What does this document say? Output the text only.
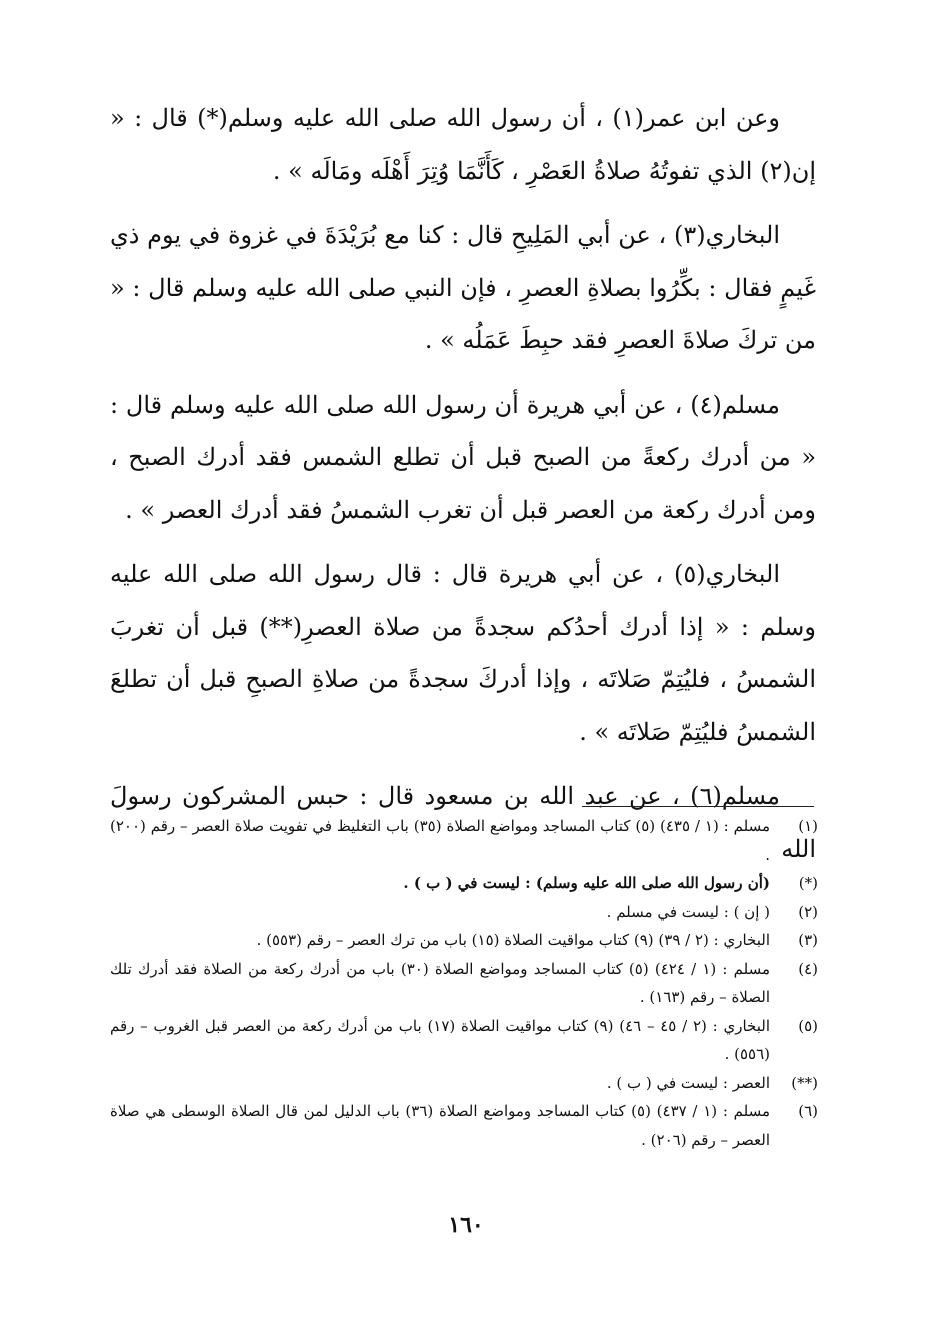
وعن ابن عمر(١) ، أن رسول الله صلى الله عليه وسلم(*) قال : « إن(٢) الذي تفوتُهُ صلاةُ العَصْرِ ، كَأَنَّمَا وُتِرَ أَهْلَه ومَالَه » .

البخاري(٣) ، عن أبي المَلِيحِ قال : كنا مع بُرَيْدَةَ في غزوة في يوم ذي غَيمٍ فقال : بكِّرُوا بصلاةِ العصرِ ، فإن النبي صلى الله عليه وسلم قال : « من تركَ صلاةَ العصرِ فقد حبِطَ عَمَلُه » .

مسلم(٤) ، عن أبي هريرة أن رسول الله صلى الله عليه وسلم قال : « من أدرك ركعةً من الصبح قبل أن تطلع الشمس فقد أدرك الصبح ، ومن أدرك ركعة من العصر قبل أن تغرب الشمسُ فقد أدرك العصر » .

البخاري(٥) ، عن أبي هريرة قال : قال رسول الله صلى الله عليه وسلم : « إذا أدرك أحدُكم سجدةً من صلاة العصرِ(**) قبل أن تغربَ الشمسُ ، فليُتِمّ صَلاتَه ، وإذا أدركَ سجدةً من صلاةِ الصبحِ قبل أن تطلعَ الشمسُ فليُتِمّ صَلاتَه » .

مسلم(٦) ، عن عبد الله بن مسعود قال : حبس المشركون رسولَ الله

(١)
مسلم : (١ / ٤٣٥) (٥) كتاب المساجد ومواضع الصلاة (٣٥) باب التغليظ في تفويت صلاة العصر – رقم (٢٠٠) .
(*)
(أن رسول الله صلى الله عليه وسلم) : ليست في ( ب ) .
(٢)
( إن ) : ليست في مسلم .
(٣)
البخاري : (٢ / ٣٩) (٩) كتاب مواقيت الصلاة (١٥) باب من ترك العصر – رقم (٥٥٣) .
(٤)
مسلم : (١ / ٤٢٤) (٥) كتاب المساجد ومواضع الصلاة (٣٠) باب من أدرك ركعة من الصلاة فقد أدرك تلك الصلاة – رقم (١٦٣) .
(٥)
البخاري : (٢ / ٤٥ – ٤٦) (٩) كتاب مواقيت الصلاة (١٧) باب من أدرك ركعة من العصر قبل الغروب – رقم (٥٥٦) .
(**)
العصر : ليست في ( ب ) .
(٦)
مسلم : (١ / ٤٣٧) (٥) كتاب المساجد ومواضع الصلاة (٣٦) باب الدليل لمن قال الصلاة الوسطى هي صلاة العصر – رقم (٢٠٦) .
١٦٠
